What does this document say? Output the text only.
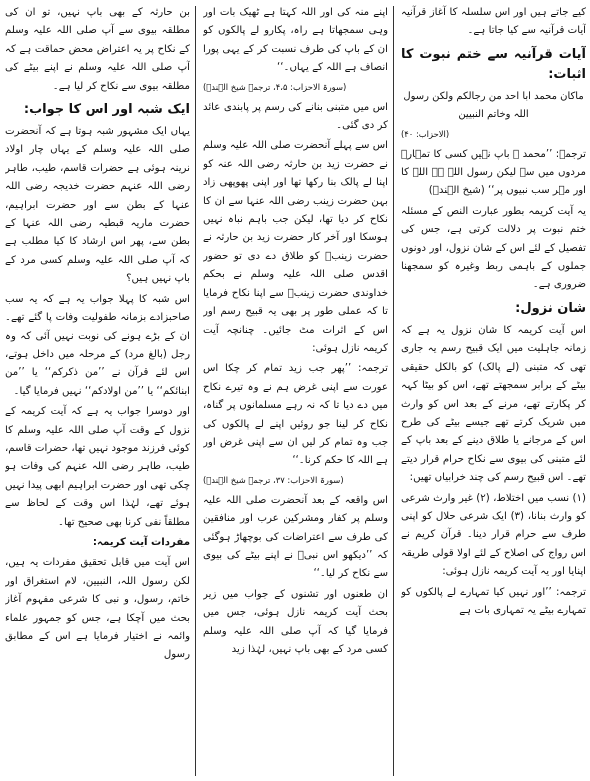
کیے جاتے ہیں اور اس سلسلہ کا آغاز قرآنیہ آیات قرآنیہ سے کیا جاتا ہے۔

آیات قرآنیہ سے ختم نبوت کا اثبات:

ماکان محمد ابا احد من رجالکم ولکن رسول اللہ وخاتم النبیین

(الاحزاب: ۴۰)

ترجمہ: ’’محمد ؐ باپ نہیں کسی کا تمہارے مردوں میں سے لیکن رسول اللہ ہے اللہ کا اور مہر سب نبیوں پر‘‘ (شیخ الہندؒ)

یہ آیت کریمہ بطور عبارت النص کے مسئلہ ختم نبوت پر دلالت کرتی ہے، جس کی تفصیل کے لئے اس کے شان نزول، اور دونوں جملوں کے باہمی ربط وغیرہ کو سمجھنا ضروری ہے۔

شان نزول:

اس آیت کریمہ کا شان نزول یہ ہے کہ زمانہ جاہلیت میں ایک قبیح رسم یہ جاری تھی کہ متبنی (لے پالک) کو بالکل حقیقی بیٹے کے برابر سمجھتے تھے، اس کو بیٹا کہہ کر پکارتے تھے، مرنے کے بعد اس کو وارث میں شریک کرتے تھے جیسے بیٹے کی طرح اس کے مرجانے یا طلاق دینے کے بعد باپ کے لئے متبنی کی بیوی سے نکاح حرام قرار دیتے تھے۔ اس قبیح رسم کی چند خرابیاں تھیں:

(۱) نسب میں اختلاط، (۲) غیر وارث شرعی کو وارث بنانا، (۳) ایک شرعی حلال کو اپنی طرف سے حرام قرار دینا۔ قرآن کریم نے اس رواج کی اصلاح کے لئے اولا قولی طریقہ اپنایا اور یہ آیت کریمہ نازل ہوئی:

ترجمہ: ’’اور نہیں کیا تمہارے لے پالکوں کو تمہارے بیٹے یہ تمہاری بات ہے

اپنے منہ کی اور اللہ کہتا ہے ٹھیک بات اور وہی سمجھاتا ہے راہ، پکارو لے پالکوں کو ان کے باپ کی طرف نسبت کر کے یہی پورا انصاف ہے اللہ کے یہاں۔‘‘

(سورۃ الاحزاب: ۴،۵، ترجمہ شیخ الہندؒ)

اس میں متبنی بنانے کی رسم پر پابندی عائد کر دی گئی۔

اس سے پہلے آنحضرت صلی اللہ علیہ وسلم نے حضرت زید بن حارثہ رضی اللہ عنہ کو اپنا لے پالک بنا رکھا تھا اور اپنی پھوپھی زاد بہن حضرت زینب رضی اللہ عنہا سے ان کا نکاح کر دیا تھا، لیکن جب باہم نباہ نہیں ہوسکا اور آخر کار حضرت زید بن حارثہ نے حضرت زینبؓ کو طلاق دے دی تو حضور اقدس صلی اللہ علیہ وسلم نے بحکم خداوندی حضرت زینبؓ سے اپنا نکاح فرمایا تا کہ عملی طور پر بھی یہ قبیح رسم اور اس کے اثرات مٹ جائیں۔ چنانچہ آیت کریمہ نازل ہوئی:

ترجمہ: ’’پھر جب زید تمام کر چکا اس عورت سے اپنی غرض ہم نے وہ تیرے نکاح میں دے دیا تا کہ نہ رہے مسلمانوں پر گناہ، نکاح کر لینا جو روئیں اپنے لے پالکوں کی جب وہ تمام کر لیں ان سے اپنی غرض اور ہے اللہ کا حکم کرنا۔‘‘

(سورۃ الاحزاب: ۳۷، ترجمہ شیخ الہندؒ)

اس واقعہ کے بعد آنحضرت صلی اللہ علیہ وسلم پر کفار ومشرکین عرب اور منافقین کی طرف سے اعتراضات کی بوچھاڑ ہوگئی کہ ’’دیکھو اس نبیؐ نے اپنے بیٹے کی بیوی سے نکاح کر لیا۔‘‘

ان طعنوں اور تشنوں کے جواب میں زیر بحث آیت کریمہ نازل ہوئی، جس میں فرمایا گیا کہ آپ صلی اللہ علیہ وسلم کسی مرد کے بھی باپ نہیں، لہٰذا زید

بن حارثہ کے بھی باپ نہیں، تو ان کی مطلقہ بیوی سے آپ صلی اللہ علیہ وسلم کے نکاح پر یہ اعتراض محض حماقت ہے کہ آپ صلی اللہ علیہ وسلم نے اپنے بیٹے کی مطلقہ بیوی سے نکاح کر لیا ہے۔

ایک شبہ اور اس کا جواب:

یہاں ایک مشہور شبہ ہوتا ہے کہ آنحضرت صلی اللہ علیہ وسلم کے یہاں چار اولاد نرینہ ہوئی ہے حضرات قاسم، طیب، طاہر رضی اللہ عنہم حضرت خدیجہ رضی اللہ عنہا کے بطن سے اور حضرت ابراہیم، حضرت ماریہ قبطیہ رضی اللہ عنہا کے بطن سے، پھر اس ارشاد کا کیا مطلب ہے کہ آپ صلی اللہ علیہ وسلم کسی مرد کے باپ نہیں ہیں؟

اس شبہ کا پہلا جواب یہ ہے کہ یہ سب صاحبزادے بزمانہ طفولیت وفات پا گئے تھے۔ ان کے بڑے ہونے کی نوبت نہیں آئی کہ وہ رجل (بالغ مرد) کے مرحلہ میں داخل ہوتے، اس لئے قرآن نے ’’من ذکرکم‘‘ یا ’’من ابنائکم‘‘ یا ’’من اولادکم‘‘ نہیں فرمایا گیا۔

اور دوسرا جواب یہ ہے کہ آیت کریمہ کے نزول کے وقت آپ صلی اللہ علیہ وسلم کا کوئی فرزند موجود نہیں تھا، حضرات قاسم، طیب، طاہر رضی اللہ عنہم کی وفات ہو چکی تھی اور حضرت ابراہیم ابھی پیدا نہیں ہوئے تھے، لہٰذا اس وقت کے لحاظ سے مطلقاً نفی کرنا بھی صحیح تھا۔

مفردات آیت کریمہ:

اس آیت میں قابل تحقیق مفردات یہ ہیں، لکن رسول اللہ، النبیین، لام استغراق اور خاتم، رسول، و نبی کا شرعی مفہوم آغاز بحث میں آچکا ہے، جس کو جمہور علماء وائمہ نے اختیار فرمایا ہے اس کے مطابق رسول
